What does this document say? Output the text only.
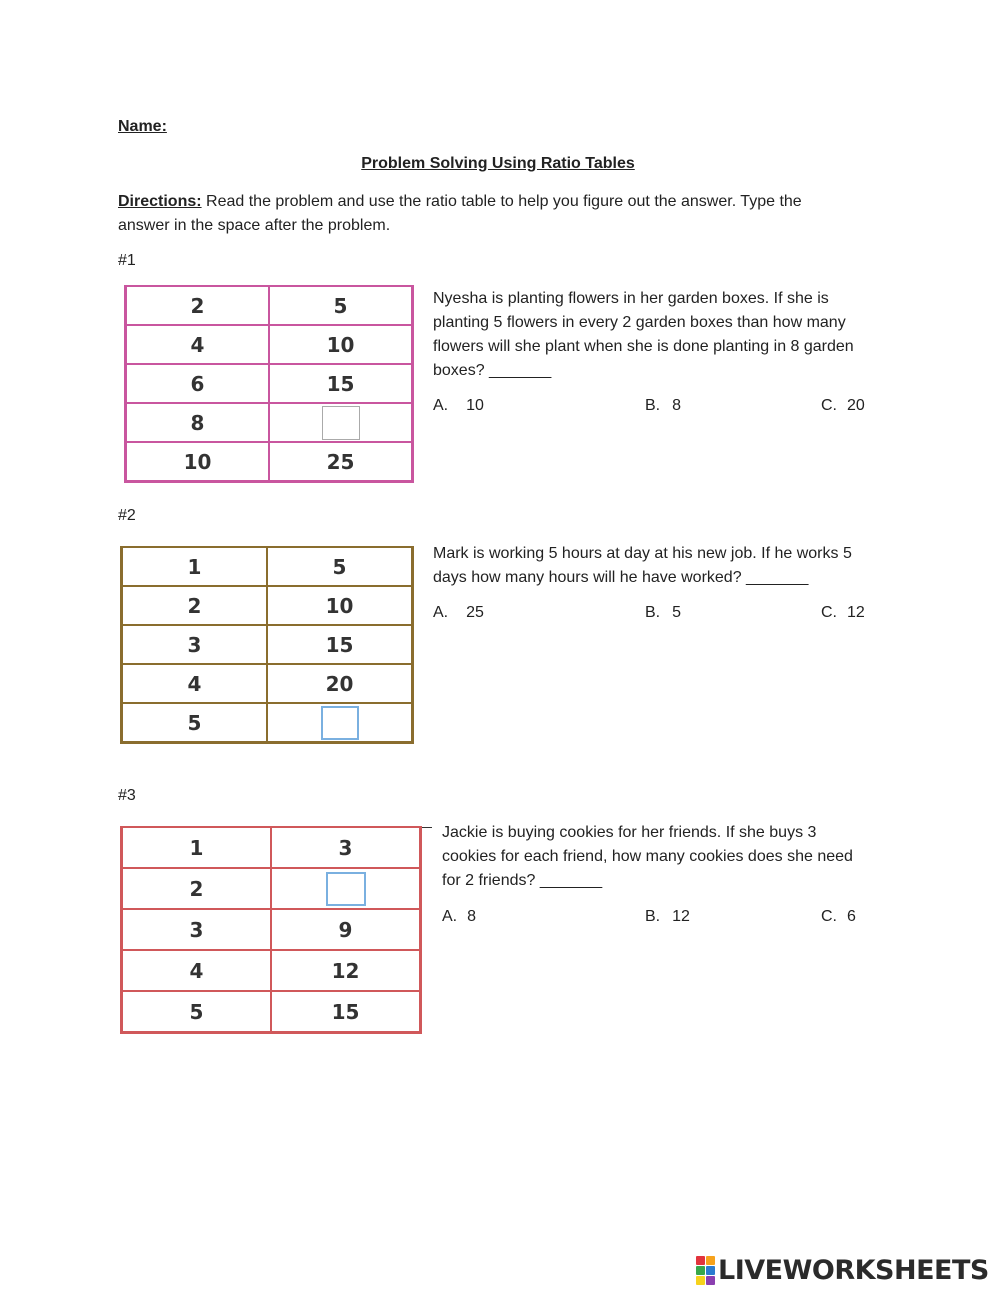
Name:
Problem Solving Using Ratio Tables
Directions: Read the problem and use the ratio table to help you figure out the answer. Type the
answer in the space after the problem.
#1
2	5
4	10
6	15
8	
10	25
Nyesha is planting flowers in her garden boxes. If she is
planting 5 flowers in every 2 garden boxes than how many
flowers will she plant when she is done planting in 8 garden
boxes? _______
A. 10	B. 8	C. 20
#2
1	5
2	10
3	15
4	20
5	
Mark is working 5 hours at day at his new job. If he works 5
days how many hours will he have worked? _______
A. 25	B. 5	C. 12
#3
1	3
2	
3	9
4	12
5	15
Jackie is buying cookies for her friends. If she buys 3
cookies for each friend, how many cookies does she need
for 2 friends? _______
A. 8	B. 12	C. 6
LIVEWORKSHEETS
